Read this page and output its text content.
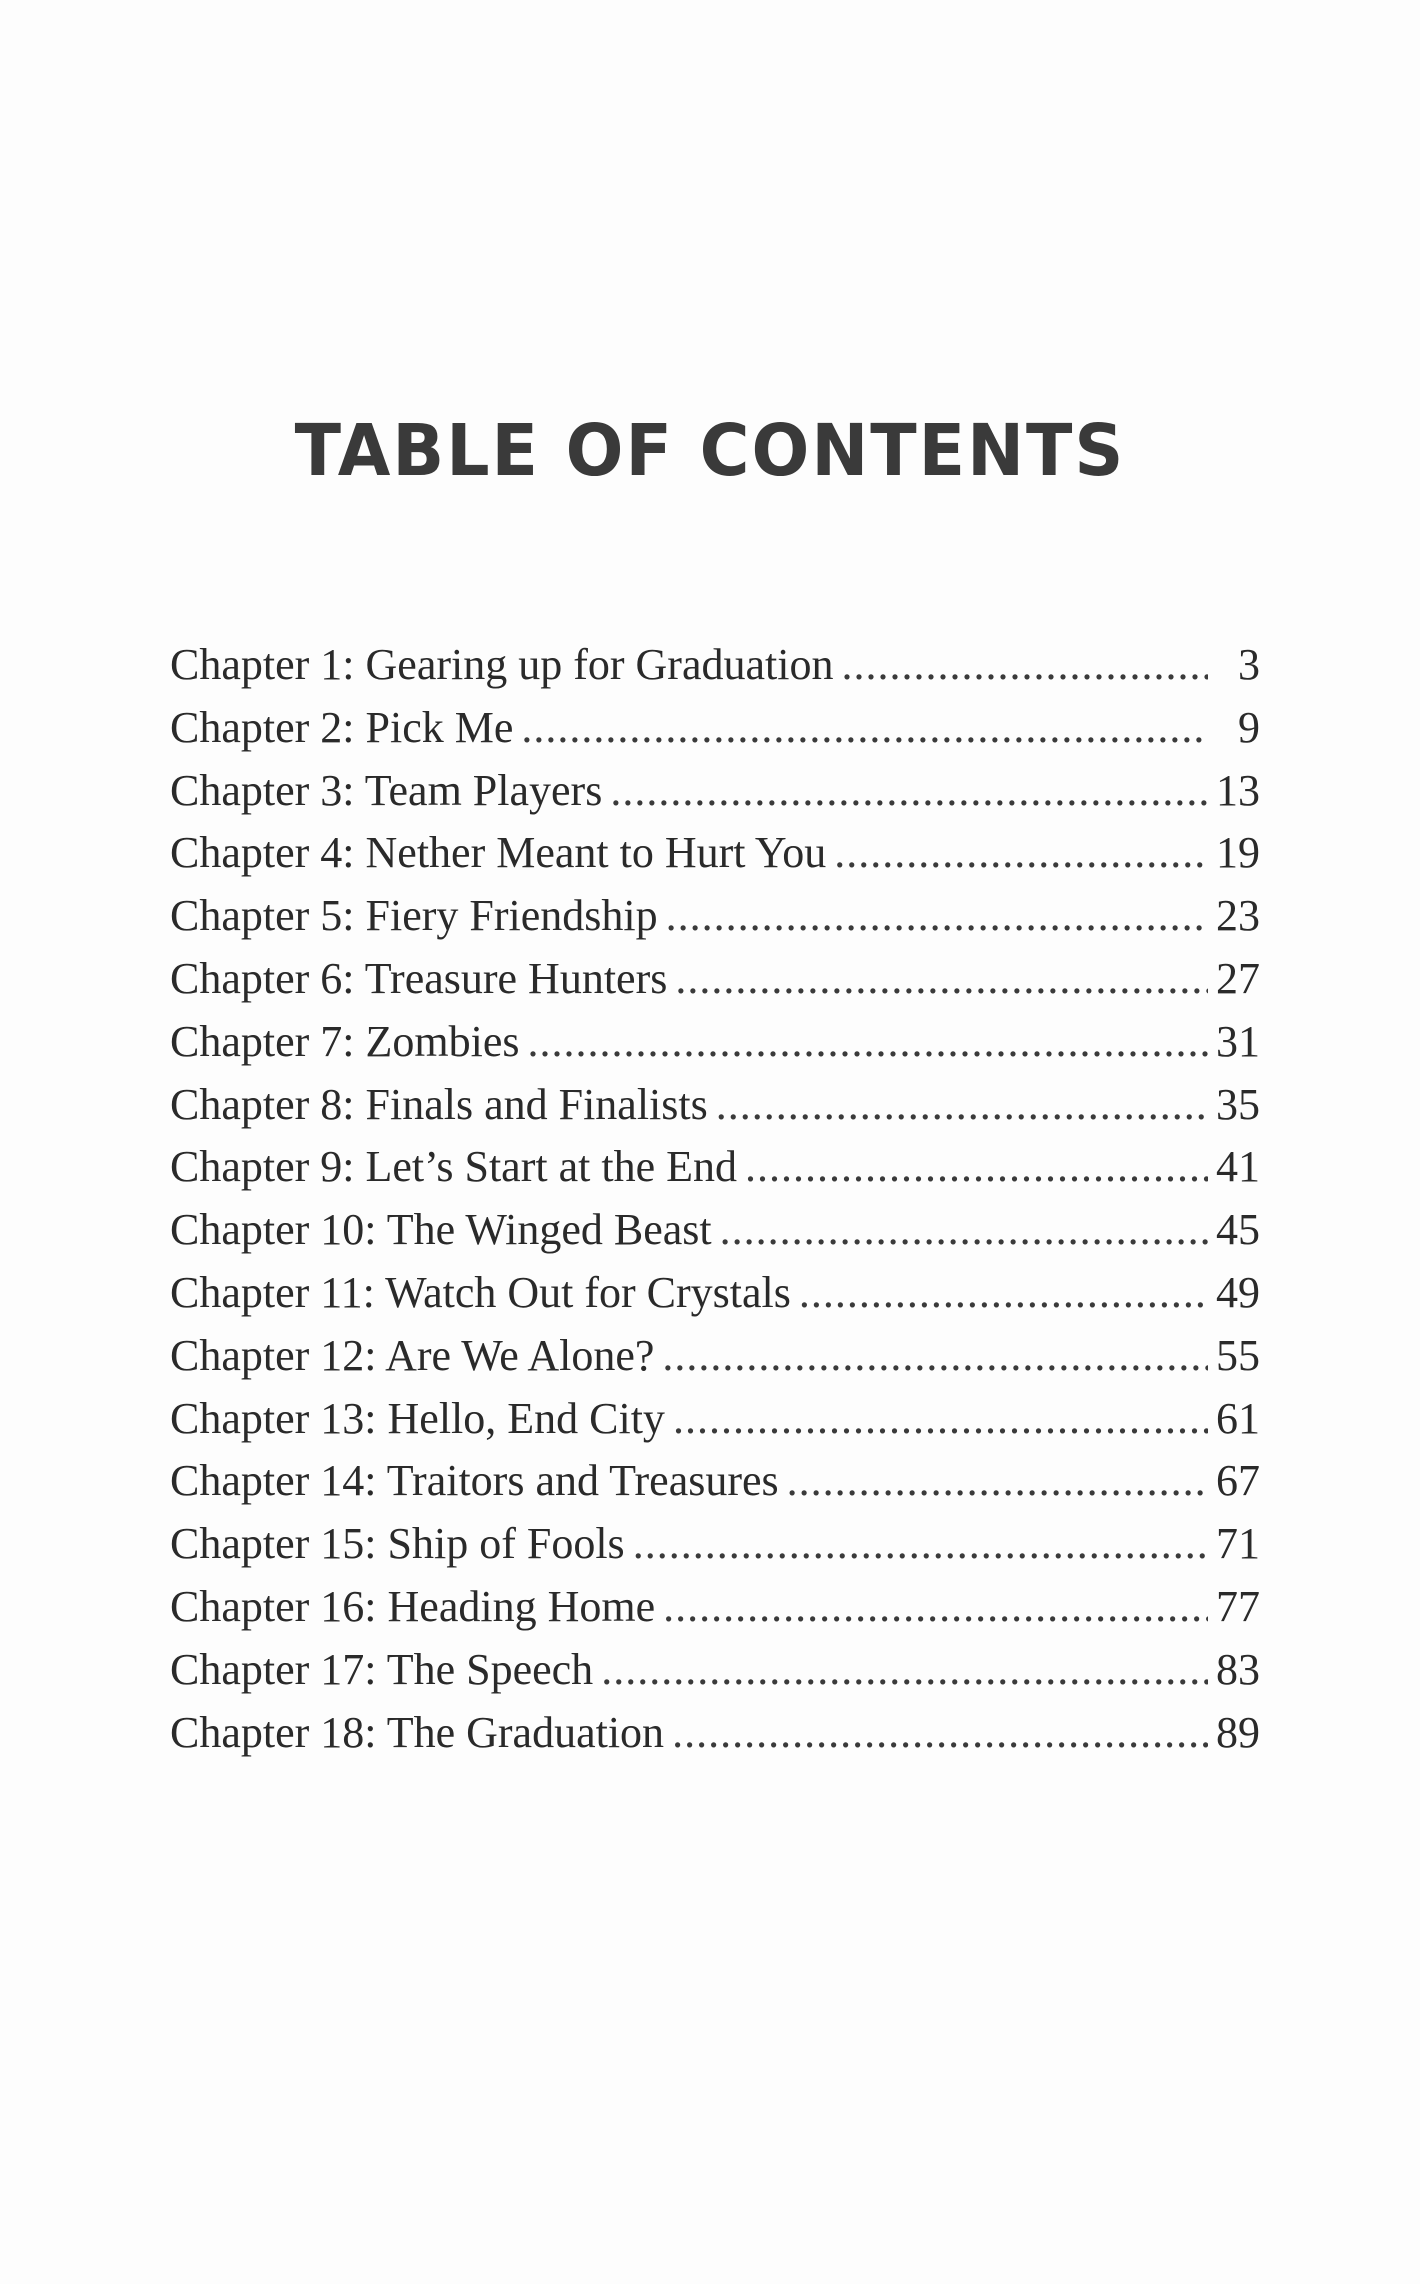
TABLE OF CONTENTS
Chapter 1: Gearing up for Graduation . . .	3
Chapter 2: Pick Me . . .	9
Chapter 3: Team Players . . .	13
Chapter 4: Nether Meant to Hurt You . . .	19
Chapter 5: Fiery Friendship . . .	23
Chapter 6: Treasure Hunters . . .	27
Chapter 7: Zombies . . .	31
Chapter 8: Finals and Finalists . . .	35
Chapter 9: Let’s Start at the End . . .	41
Chapter 10: The Winged Beast . . .	45
Chapter 11: Watch Out for Crystals . . .	49
Chapter 12: Are We Alone? . . .	55
Chapter 13: Hello, End City . . .	61
Chapter 14: Traitors and Treasures . . .	67
Chapter 15: Ship of Fools . . .	71
Chapter 16: Heading Home . . .	77
Chapter 17: The Speech . . .	83
Chapter 18: The Graduation . . .	89
